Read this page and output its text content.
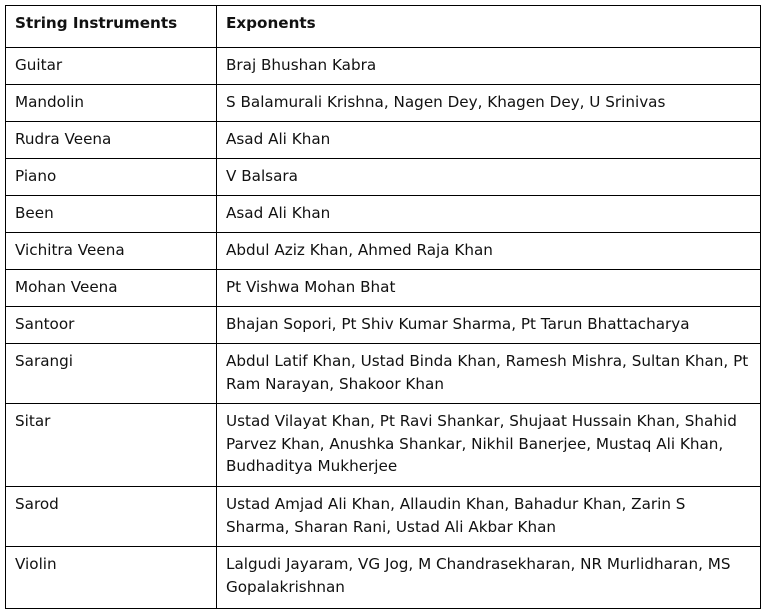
String Instruments	Exponents
Guitar	Braj Bhushan Kabra
Mandolin	S Balamurali Krishna, Nagen Dey, Khagen Dey, U Srinivas
Rudra Veena	Asad Ali Khan
Piano	V Balsara
Been	Asad Ali Khan
Vichitra Veena	Abdul Aziz Khan, Ahmed Raja Khan
Mohan Veena	Pt Vishwa Mohan Bhat
Santoor	Bhajan Sopori, Pt Shiv Kumar Sharma, Pt Tarun Bhattacharya
Sarangi	Abdul Latif Khan, Ustad Binda Khan, Ramesh Mishra, Sultan Khan, Pt Ram Narayan, Shakoor Khan
Sitar	Ustad Vilayat Khan, Pt Ravi Shankar, Shujaat Hussain Khan, Shahid Parvez Khan, Anushka Shankar, Nikhil Banerjee, Mustaq Ali Khan, Budhaditya Mukherjee
Sarod	Ustad Amjad Ali Khan, Allaudin Khan, Bahadur Khan, Zarin S Sharma, Sharan Rani, Ustad Ali Akbar Khan
Violin	Lalgudi Jayaram, VG Jog, M Chandrasekharan, NR Murlidharan, MS Gopalakrishnan
